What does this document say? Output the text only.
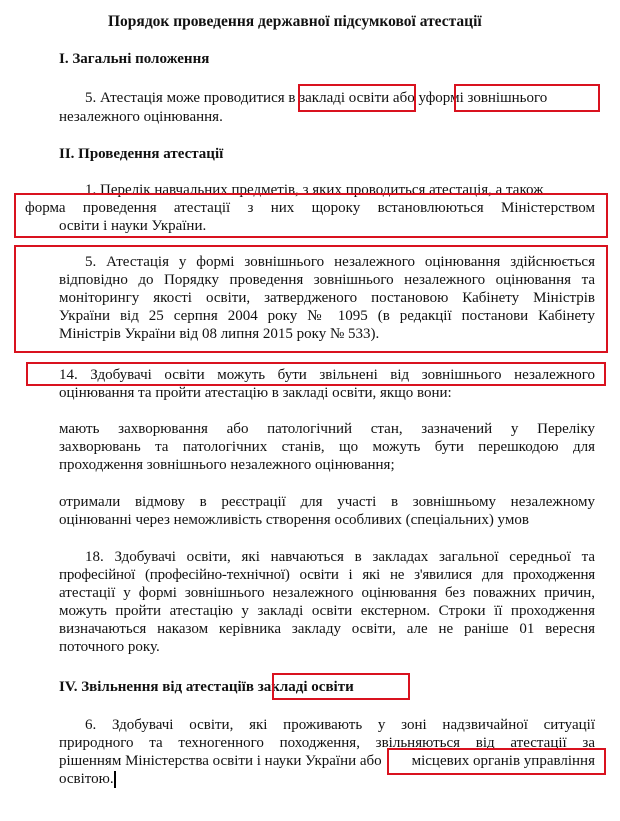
Порядок проведення державної підсумкової атестації
I. Загальні положення
5. Атестація може проводитися в закладі освіти або уформі зовнішнього
незалежного оцінювання.
II. Проведення атестації
1. Перелік навчальних предметів, з яких проводиться атестація, а також
форма проведення атестації з них щороку встановлюються Міністерством
освіти і науки України.
5. Атестація у формі зовнішнього незалежного оцінювання здійснюється
відповідно до Порядку проведення зовнішнього незалежного оцінювання та
моніторингу якості освіти, затвердженого постановою Кабінету Міністрів
України від 25 серпня 2004 року № 1095 (в редакції постанови Кабінету
Міністрів України від 08 липня 2015 року № 533).
14. Здобувачі освіти можуть бути звільнені від зовнішнього незалежного
оцінювання та пройти атестацію в закладі освіти, якщо вони:
мають захворювання або патологічний стан, зазначений у Переліку
захворювань та патологічних станів, що можуть бути перешкодою для
проходження зовнішнього незалежного оцінювання;
отримали відмову в реєстрації для участі в зовнішньому незалежному
оцінюванні через неможливість створення особливих (спеціальних) умов
18. Здобувачі освіти, які навчаються в закладах загальної середньої та
професійної (професійно-технічної) освіти і які не з'явилися для проходження
атестації у формі зовнішнього незалежного оцінювання без поважних причин,
можуть пройти атестацію у закладі освіти екстерном. Строки її проходження
визначаються наказом керівника закладу освіти, але не раніше 01 вересня
поточного року.
IV. Звільнення від атестаціїв закладі освіти
6. Здобувачі освіти, які проживають у зоні надзвичайної ситуації
природного та техногенного походження, звільняються від атестації за
рішенням Міністерства освіти і науки України або місцевих органів управління
освітою.
